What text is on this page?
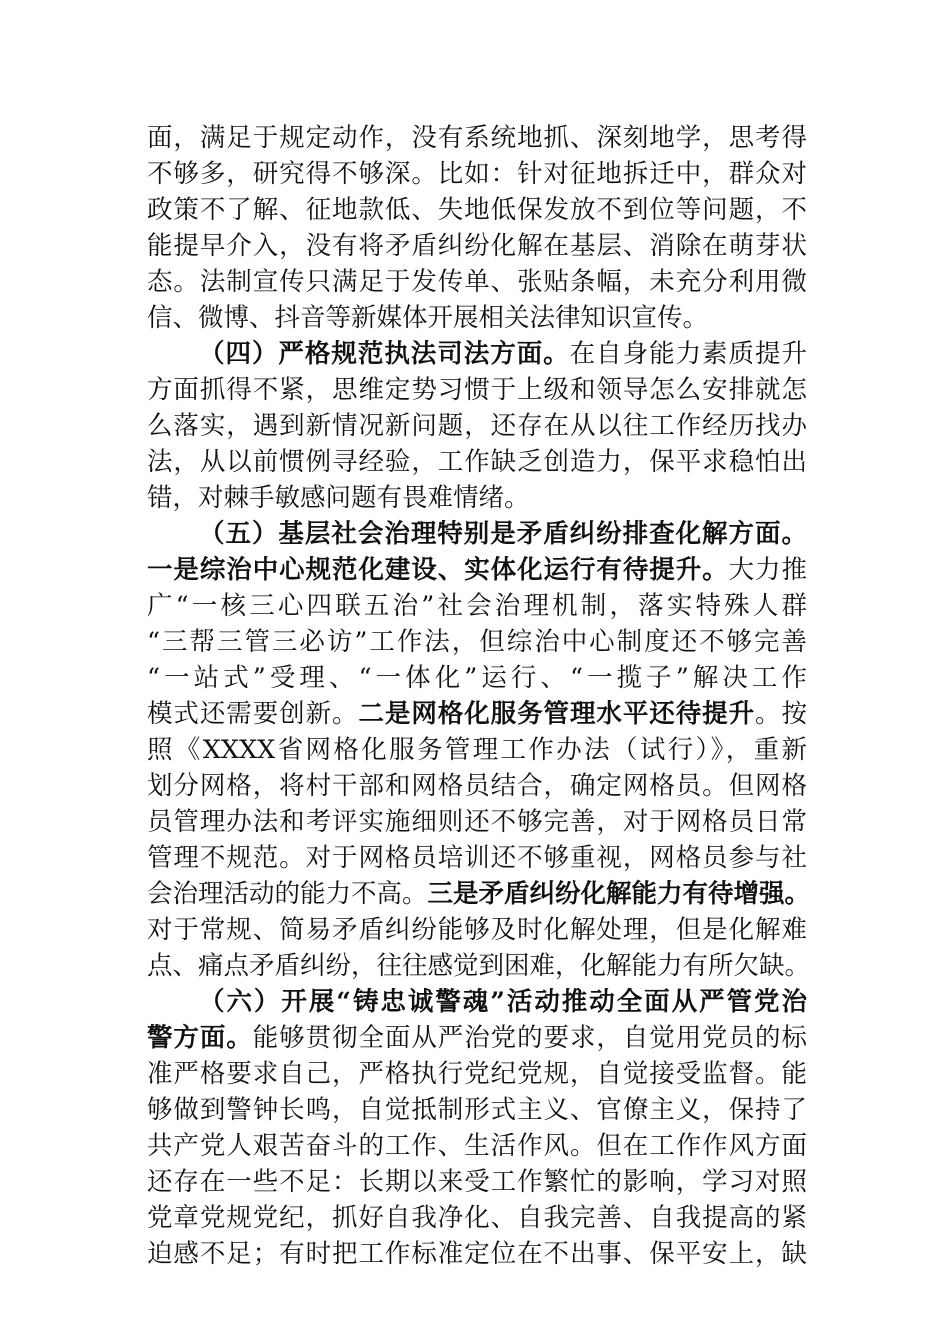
面，满足于规定动作，没有系统地抓、深刻地学，思考得
不够多，研究得不够深。比如：针对征地拆迁中，群众对
政策不了解、征地款低、失地低保发放不到位等问题，不
能提早介入，没有将矛盾纠纷化解在基层、消除在萌芽状
态。法制宣传只满足于发传单、张贴条幅，未充分利用微
信、微博、抖音等新媒体开展相关法律知识宣传。
（四）严格规范执法司法方面。在自身能力素质提升
方面抓得不紧，思维定势习惯于上级和领导怎么安排就怎
么落实，遇到新情况新问题，还存在从以往工作经历找办
法，从以前惯例寻经验，工作缺乏创造力，保平求稳怕出
错，对棘手敏感问题有畏难情绪。
（五）基层社会治理特别是矛盾纠纷排查化解方面。
一是综治中心规范化建设、实体化运行有待提升。大力推
广“一核三心四联五治”社会治理机制，落实特殊人群
“三帮三管三必访”工作法，但综治中心制度还不够完善
“一站式”受理、“一体化”运行、“一揽子”解决工作
模式还需要创新。二是网格化服务管理水平还待提升。按
照《XXXX省网格化服务管理工作办法（试行）》，重新
划分网格，将村干部和网格员结合，确定网格员。但网格
员管理办法和考评实施细则还不够完善，对于网格员日常
管理不规范。对于网格员培训还不够重视，网格员参与社
会治理活动的能力不高。三是矛盾纠纷化解能力有待增强。
对于常规、简易矛盾纠纷能够及时化解处理，但是化解难
点、痛点矛盾纠纷，往往感觉到困难，化解能力有所欠缺。
（六）开展“铸忠诚警魂”活动推动全面从严管党治
警方面。能够贯彻全面从严治党的要求，自觉用党员的标
准严格要求自己，严格执行党纪党规，自觉接受监督。能
够做到警钟长鸣，自觉抵制形式主义、官僚主义，保持了
共产党人艰苦奋斗的工作、生活作风。但在工作作风方面
还存在一些不足：长期以来受工作繁忙的影响，学习对照
党章党规党纪，抓好自我净化、自我完善、自我提高的紧
迫感不足；有时把工作标准定位在不出事、保平安上，缺
